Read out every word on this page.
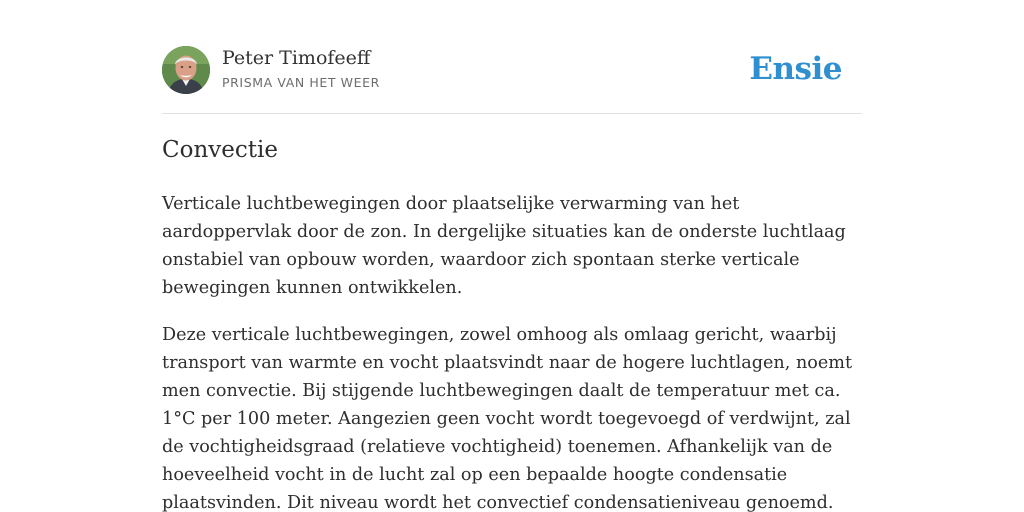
Peter Timofeeff
PRISMA VAN HET WEER	Ensie
Convectie

Verticale luchtbewegingen door plaatselijke verwarming van het aardoppervlak door de zon. In dergelijke situaties kan de onderste luchtlaag onstabiel van opbouw worden, waardoor zich spontaan sterke verticale bewegingen kunnen ontwikkelen.

Deze verticale luchtbewegingen, zowel omhoog als omlaag gericht, waarbij transport van warmte en vocht plaatsvindt naar de hogere luchtlagen, noemt men convectie. Bij stijgende luchtbewegingen daalt de temperatuur met ca. 1°C per 100 meter. Aangezien geen vocht wordt toegevoegd of verdwijnt, zal de vochtigheidsgraad (relatieve vochtigheid) toenemen. Afhankelijk van de hoeveelheid vocht in de lucht zal op een bepaalde hoogte condensatie plaatsvinden. Dit niveau wordt het convectief condensatieniveau genoemd.
